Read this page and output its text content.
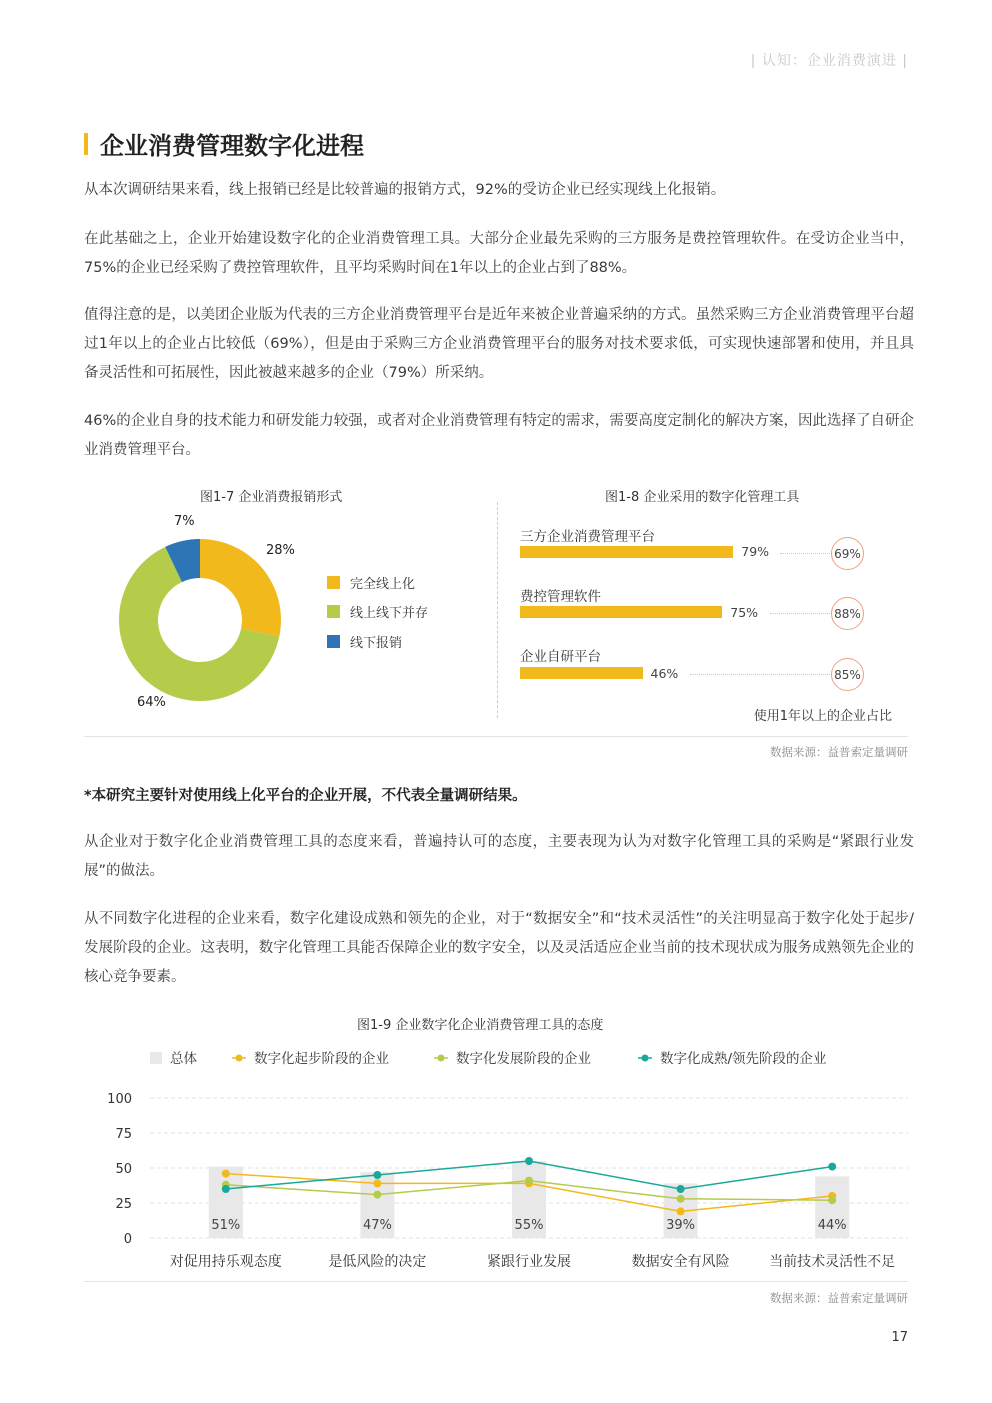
| 认知：企业消费演进 |
企业消费管理数字化进程

从本次调研结果来看，线上报销已经是比较普遍的报销方式，92%的受访企业已经实现线上化报销。

在此基础之上，企业开始建设数字化的企业消费管理工具。大部分企业最先采购的三方服务是费控管理软件。在受访企业当中，75%的企业已经采购了费控管理软件，且平均采购时间在1年以上的企业占到了88%。

值得注意的是，以美团企业版为代表的三方企业消费管理平台是近年来被企业普遍采纳的方式。虽然采购三方企业消费管理平台超过1年以上的企业占比较低（69%），但是由于采购三方企业消费管理平台的服务对技术要求低，可实现快速部署和使用，并且具备灵活性和可拓展性，因此被越来越多的企业（79%）所采纳。

46%的企业自身的技术能力和研发能力较强，或者对企业消费管理有特定的需求，需要高度定制化的解决方案，因此选择了自研企业消费管理平台。

图1-7 企业消费报销形式
7%
28%
64%
完全线上化
线上线下并存
线下报销
图1-8 企业采用的数字化管理工具
三方企业消费管理平台
79%	69%
费控管理软件
75%	88%
企业自研平台
46%	85%
使用1年以上的企业占比
数据来源：益普索定量调研

*本研究主要针对使用线上化平台的企业开展，不代表全量调研结果。

从企业对于数字化企业消费管理工具的态度来看，普遍持认可的态度，主要表现为认为对数字化管理工具的采购是“紧跟行业发展”的做法。

从不同数字化进程的企业来看，数字化建设成熟和领先的企业，对于“数据安全”和“技术灵活性”的关注明显高于数字化处于起步/发展阶段的企业。这表明，数字化管理工具能否保障企业的数字安全，以及灵活适应企业当前的技术现状成为服务成熟领先企业的核心竞争要素。

图1-9 企业数字化企业消费管理工具的态度
总体	数字化起步阶段的企业	数字化发展阶段的企业	数字化成熟/领先阶段的企业
0
25
50
75
100
51%	47%	55%	39%	44%
对促用持乐观态度	是低风险的决定	紧跟行业发展	数据安全有风险	当前技术灵活性不足
数据来源：益普索定量调研
17
